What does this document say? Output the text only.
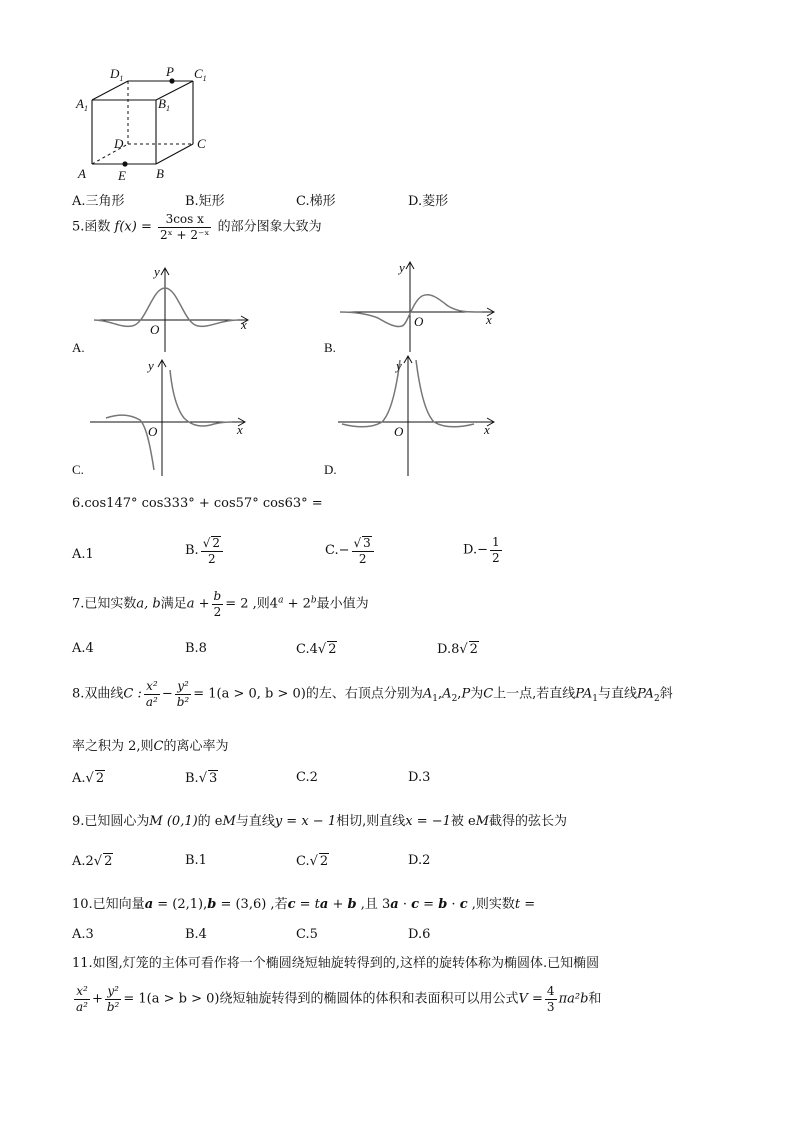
$D_1$	P $C_1$
$A_1$	$B_1$
D	C
A E B
A.三角形	B.矩形	C.梯形	D.菱形
5.函数 $f(x) = \frac{\text{3cos x}}{\text{2ˣ + 2⁻ˣ}}$ 的部分图象大致为
y
x
O
A.
y
x
O
B.
y
x
O
C.
y
x
O
D.
6.cos147° cos333° + cos57° cos63° =
A.1	B. $\frac{√ 2}{2}$	$C.- \frac{√ 3}{2}$	$D.- \frac{1}{2}$
7.已知实数a, b满足$a + \frac{b}{2} = 2$ ,则$4^a + 2^b$最小值为
A.4	B.8	C.4√ 2	D.8√ 2
8.双曲线C : $\frac{\text{x²}}{\text{a²}} - \frac{\text{y²}}{\text{b²}} = 1(a > 0$, b > 0)的左、右顶点分别为$A_1,A_2,P$为C上一点,若直线$PA_1$与直线$PA_2$斜
率之积为 2,则C的离心率为
A.√ 2	B.√ 3	C.2	D.3
9.已知圆心为M (0,1)的 eM与直线y = x − 1相切,则直线x = −1被 eM截得的弦长为
A.2√ 2	B.1	C.√ 2	D.2
10.已知向量a = (2,1),b = (3,6) ,若c = ta + b ,且 3a · c = b · c ,则实数t =
A.3	B.4	C.5	D.6
11.如图,灯笼的主体可看作将一个椭圆绕短轴旋转得到的,这样的旋转体称为椭圆体.已知椭圆
$\frac{\text{x²}}{\text{a²}} + \frac{\text{y²}}{\text{b²}} = 1(a > b > 0)$绕短轴旋转得到的椭圆体的体积和表面积可以用公式$V = \frac{4}{3} \pi a^2b$和
